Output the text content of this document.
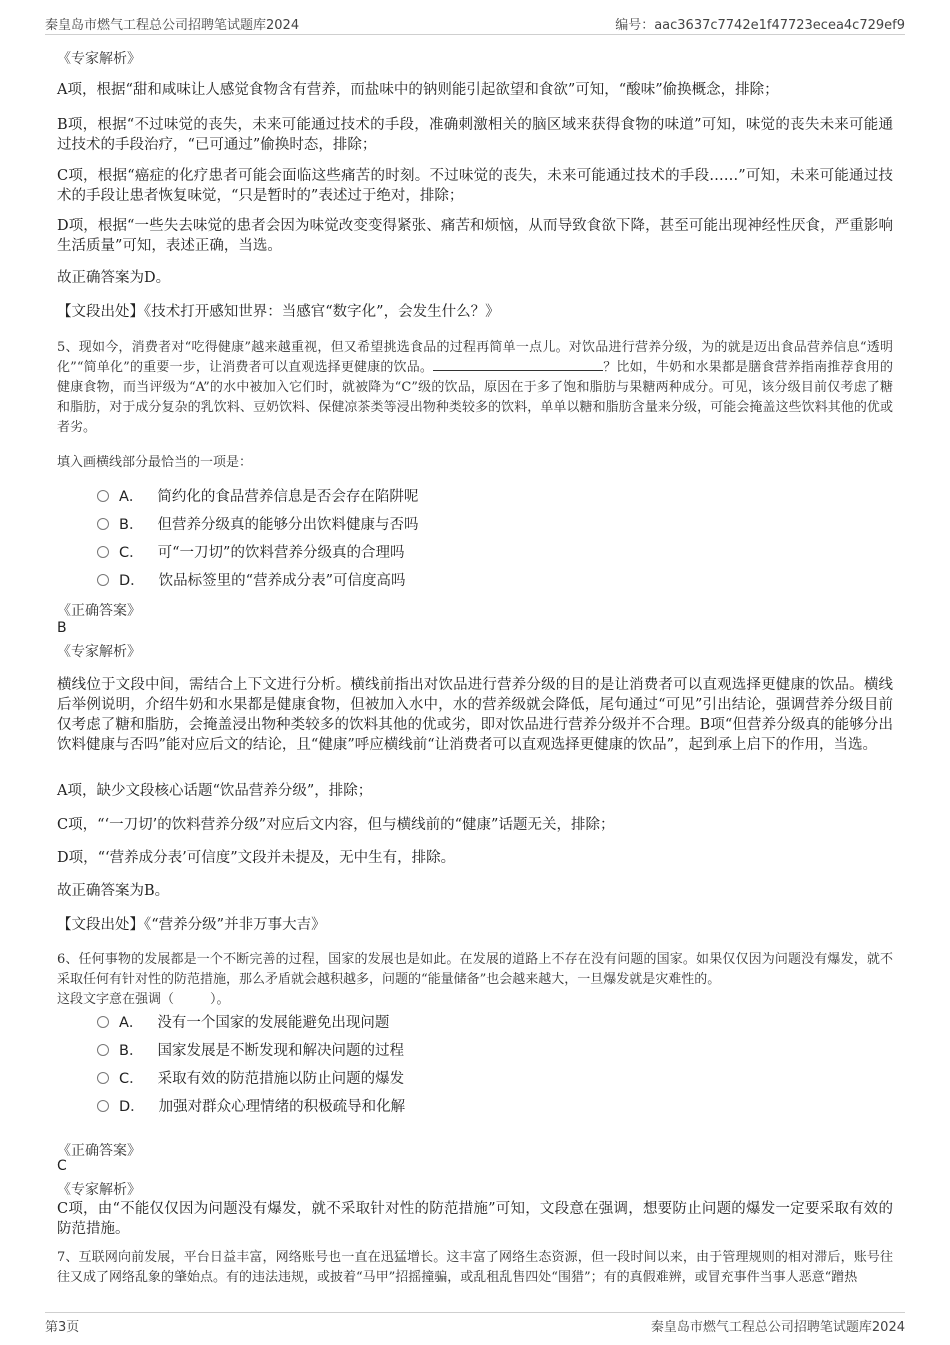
秦皇岛市燃气工程总公司招聘笔试题库2024	编号：aac3637c7742e1f47723ecea4c729ef9
《专家解析》
A项，根据“甜和咸味让人感觉食物含有营养，而盐味中的钠则能引起欲望和食欲”可知，“酸味”偷换概念，排除；
B项，根据“不过味觉的丧失，未来可能通过技术的手段，准确刺激相关的脑区域来获得食物的味道”可知，味觉的丧失未来可能通过技术的手段治疗，“已可通过”偷换时态，排除；
C项，根据“癌症的化疗患者可能会面临这些痛苦的时刻。不过味觉的丧失，未来可能通过技术的手段……”可知，未来可能通过技术的手段让患者恢复味觉，“只是暂时的”表述过于绝对，排除；
D项，根据“一些失去味觉的患者会因为味觉改变变得紧张、痛苦和烦恼，从而导致食欲下降，甚至可能出现神经性厌食，严重影响生活质量”可知，表述正确，当选。
故正确答案为D。
【文段出处】《技术打开感知世界：当感官“数字化”，会发生什么？》
5、现如今，消费者对“吃得健康”越来越重视，但又希望挑选食品的过程再简单一点儿。对饮品进行营养分级，为的就是迈出食品营养信息“透明化”“简单化”的重要一步，让消费者可以直观选择更健康的饮品。	？比如，牛奶和水果都是膳食营养指南推荐食用的健康食物，而当评级为“A”的水中被加入它们时，就被降为“C”级的饮品，原因在于多了饱和脂肪与果糖两种成分。可见，该分级目前仅考虑了糖和脂肪，对于成分复杂的乳饮料、豆奶饮料、保健凉茶类等浸出物种类较多的饮料，单单以糖和脂肪含量来分级，可能会掩盖这些饮料其他的优或者劣。
填入画横线部分最恰当的一项是：
A． 简约化的食品营养信息是否会存在陷阱呢
B． 但营养分级真的能够分出饮料健康与否吗
C． 可“一刀切”的饮料营养分级真的合理吗
D． 饮品标签里的“营养成分表”可信度高吗
《正确答案》
B
《专家解析》
横线位于文段中间，需结合上下文进行分析。横线前指出对饮品进行营养分级的目的是让消费者可以直观选择更健康的饮品。横线后举例说明，介绍牛奶和水果都是健康食物，但被加入水中，水的营养级就会降低，尾句通过“可见”引出结论，强调营养分级目前仅考虑了糖和脂肪，会掩盖浸出物种类较多的饮料其他的优或劣，即对饮品进行营养分级并不合理。B项“但营养分级真的能够分出饮料健康与否吗”能对应后文的结论，且“健康”呼应横线前“让消费者可以直观选择更健康的饮品”，起到承上启下的作用，当选。
A项，缺少文段核心话题“饮品营养分级”，排除；
C项，“‘一刀切’的饮料营养分级”对应后文内容，但与横线前的“健康”话题无关，排除；
D项，“‘营养成分表’可信度”文段并未提及，无中生有，排除。
故正确答案为B。
【文段出处】《“营养分级”并非万事大吉》
6、任何事物的发展都是一个不断完善的过程，国家的发展也是如此。在发展的道路上不存在没有问题的国家。如果仅仅因为问题没有爆发，就不采取任何有针对性的防范措施，那么矛盾就会越积越多，问题的“能量储备”也会越来越大，一旦爆发就是灾难性的。
这段文字意在强调（	）。
A． 没有一个国家的发展能避免出现问题
B． 国家发展是不断发现和解决问题的过程
C． 采取有效的防范措施以防止问题的爆发
D． 加强对群众心理情绪的积极疏导和化解
《正确答案》
C
《专家解析》
C项，由“不能仅仅因为问题没有爆发，就不采取针对性的防范措施”可知，文段意在强调，想要防止问题的爆发一定要采取有效的防范措施。
7、互联网向前发展，平台日益丰富，网络账号也一直在迅猛增长。这丰富了网络生态资源，但一段时间以来，由于管理规则的相对滞后，账号往往又成了网络乱象的肇始点。有的违法违规，或披着“马甲”招摇撞骗，或乱租乱售四处“围猎”；有的真假难辨，或冒充事件当事人恶意“蹭热
第3页	秦皇岛市燃气工程总公司招聘笔试题库2024
